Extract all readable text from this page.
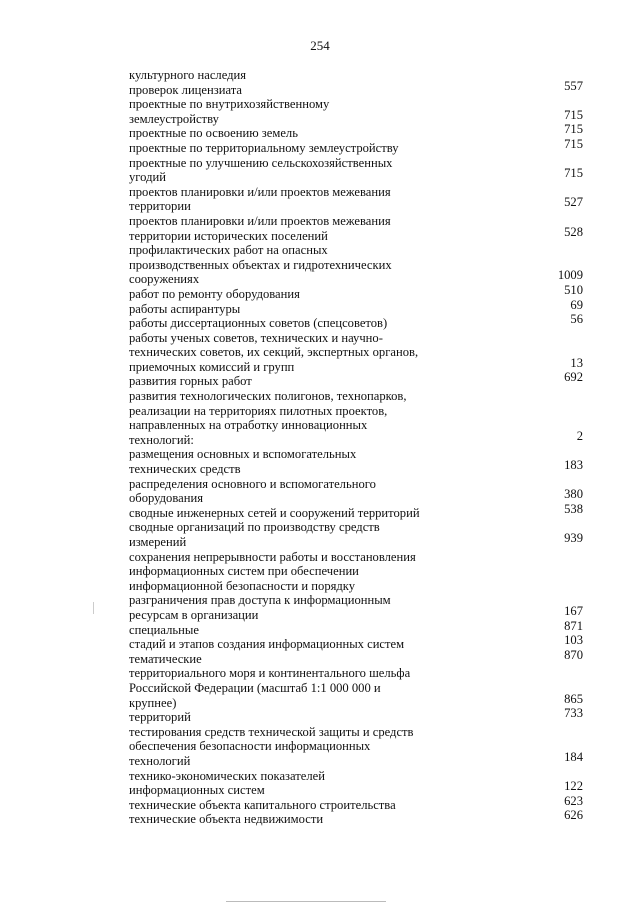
254
культурного наследия
проверок лицензиата	557
проектные по внутрихозяйственному
землеустройству	715
проектные по освоению земель	715
проектные по территориальному землеустройству	715
проектные по улучшению сельскохозяйственных
угодий	715
проектов планировки и/или проектов межевания
территории	527
проектов планировки и/или проектов межевания
территории исторических поселений	528
профилактических работ на опасных
производственных объектах и гидротехнических
сооружениях	1009
работ по ремонту оборудования	510
работы аспирантуры	69
работы диссертационных советов (спецсоветов)	56
работы ученых советов, технических и научно-
технических советов, их секций, экспертных органов,
приемочных комиссий и групп	13
развития горных работ	692
развития технологических полигонов, технопарков,
реализации на территориях пилотных проектов,
направленных на отработку инновационных
технологий:	2
размещения основных и вспомогательных
технических средств	183
распределения основного и вспомогательного
оборудования	380
сводные инженерных сетей и сооружений территорий	538
сводные организаций по производству средств
измерений	939
сохранения непрерывности работы и восстановления
информационных систем при обеспечении
информационной безопасности и порядку
разграничения прав доступа к информационным
ресурсам в организации	167
специальные	871
стадий и этапов создания информационных систем	103
тематические	870
территориального моря и континентального шельфа
Российской Федерации (масштаб 1:1 000 000 и
крупнее)	865
территорий	733
тестирования средств технической защиты и средств
обеспечения безопасности информационных
технологий	184
технико-экономических показателей
информационных систем	122
технические объекта капитального строительства	623
технические объекта недвижимости	626
